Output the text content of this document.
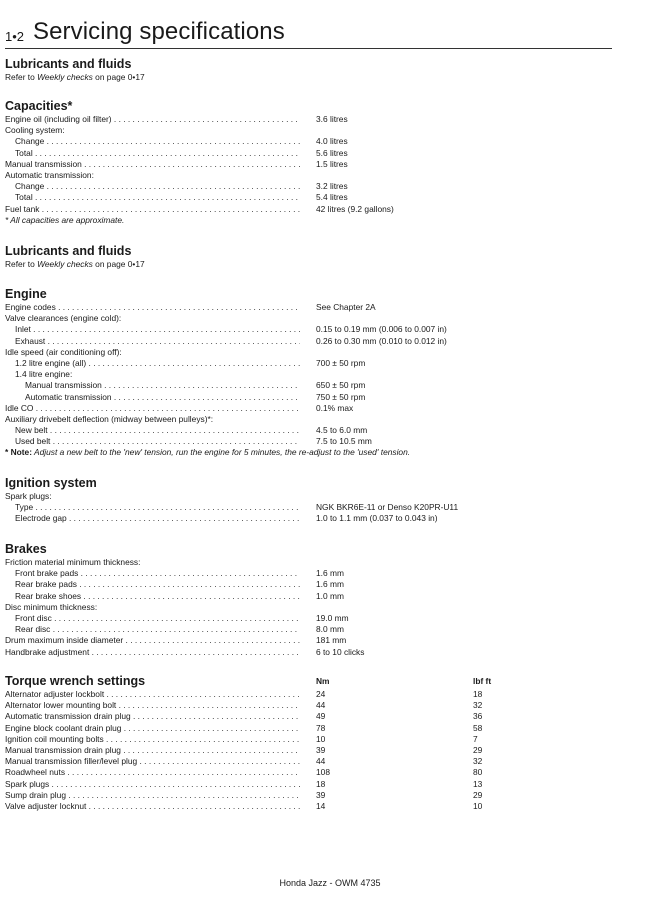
1•2 Servicing specifications
Lubricants and fluids
Refer to Weekly checks on page 0•17
Capacities*
Engine oil (including oil filter) . . .	3.6 litres
Cooling system:
Change . . .	4.0 litres
Total . . .	5.6 litres
Manual transmission . . .	1.5 litres
Automatic transmission:
Change . . .	3.2 litres
Total . . .	5.4 litres
Fuel tank . . .	42 litres (9.2 gallons)
* All capacities are approximate.
Lubricants and fluids
Refer to Weekly checks on page 0•17
Engine
Engine codes . . .	See Chapter 2A
Valve clearances (engine cold):
Inlet . . .	0.15 to 0.19 mm (0.006 to 0.007 in)
Exhaust . . .	0.26 to 0.30 mm (0.010 to 0.012 in)
Idle speed (air conditioning off):
1.2 litre engine (all) . . .	700 ± 50 rpm
1.4 litre engine:
Manual transmission . . .	650 ± 50 rpm
Automatic transmission . . .	750 ± 50 rpm
Idle CO . . .	0.1% max
Auxiliary drivebelt deflection (midway between pulleys)*:
New belt . . .	4.5 to 6.0 mm
Used belt . . .	7.5 to 10.5 mm
* Note: Adjust a new belt to the 'new' tension, run the engine for 5 minutes, the re-adjust to the 'used' tension.
Ignition system
Spark plugs:
Type . . .	NGK BKR6E-11 or Denso K20PR-U11
Electrode gap . . .	1.0 to 1.1 mm (0.037 to 0.043 in)
Brakes
Friction material minimum thickness:
Front brake pads . . .	1.6 mm
Rear brake pads . . .	1.6 mm
Rear brake shoes . . .	1.0 mm
Disc minimum thickness:
Front disc . . .	19.0 mm
Rear disc . . .	8.0 mm
Drum maximum inside diameter . . .	181 mm
Handbrake adjustment . . .	6 to 10 clicks
Torque wrench settings	Nm	lbf ft
Alternator adjuster lockbolt . . .	24	18
Alternator lower mounting bolt . . .	44	32
Automatic transmission drain plug . . .	49	36
Engine block coolant drain plug . . .	78	58
Ignition coil mounting bolts . . .	10	7
Manual transmission drain plug . . .	39	29
Manual transmission filler/level plug . . .	44	32
Roadwheel nuts . . .	108	80
Spark plugs . . .	18	13
Sump drain plug . . .	39	29
Valve adjuster locknut . . .	14	10
Honda Jazz - OWM 4735
